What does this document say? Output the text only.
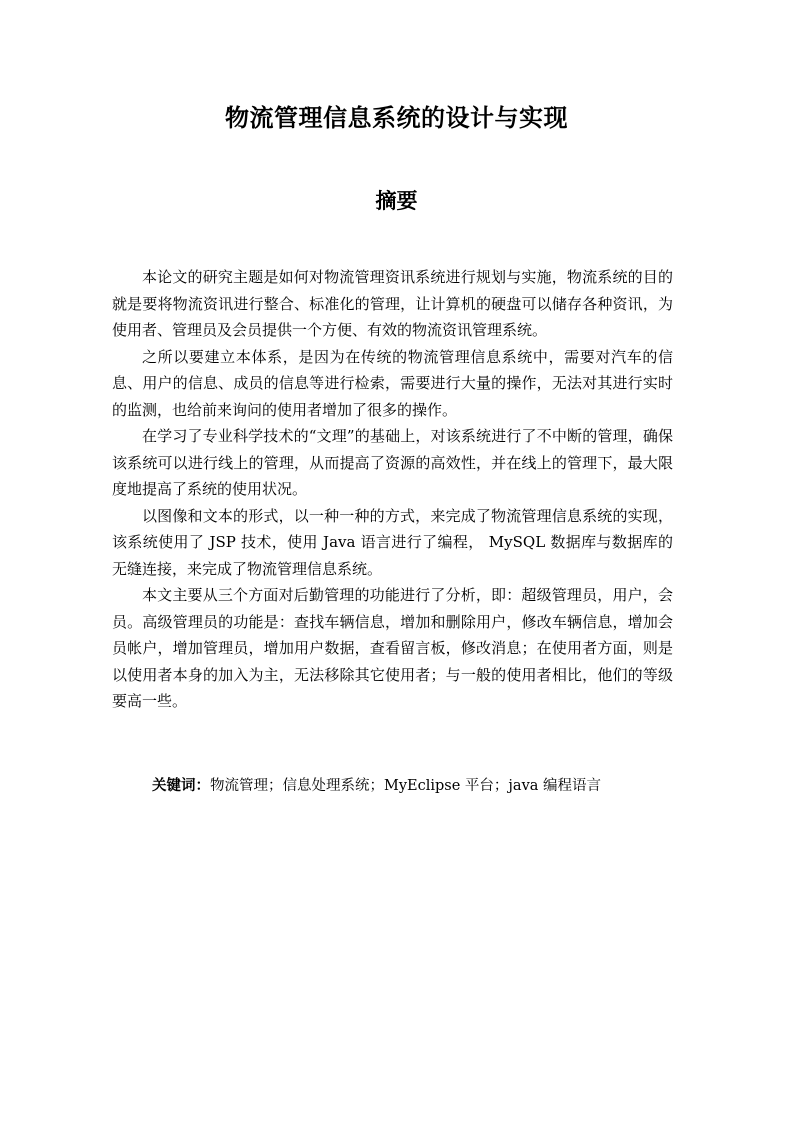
物流管理信息系统的设计与实现
摘要

本论文的研究主题是如何对物流管理资讯系统进行规划与实施，物流系统的目的就是要将物流资讯进行整合、标准化的管理，让计算机的硬盘可以储存各种资讯，为使用者、管理员及会员提供一个方便、有效的物流资讯管理系统。

之所以要建立本体系，是因为在传统的物流管理信息系统中，需要对汽车的信息、用户的信息、成员的信息等进行检索，需要进行大量的操作，无法对其进行实时的监测，也给前来询问的使用者增加了很多的操作。

在学习了专业科学技术的“文理”的基础上，对该系统进行了不中断的管理，确保该系统可以进行线上的管理，从而提高了资源的高效性，并在线上的管理下，最大限度地提高了系统的使用状况。

以图像和文本的形式，以一种一种的方式，来完成了物流管理信息系统的实现，该系统使用了 JSP 技术，使用 Java 语言进行了编程， MySQL 数据库与数据库的无缝连接，来完成了物流管理信息系统。

本文主要从三个方面对后勤管理的功能进行了分析，即：超级管理员，用户，会员。高级管理员的功能是：查找车辆信息，增加和删除用户，修改车辆信息，增加会员帐户，增加管理员，增加用户数据，查看留言板，修改消息；在使用者方面，则是以使用者本身的加入为主，无法移除其它使用者；与一般的使用者相比，他们的等级要高一些。

关键词：物流管理；信息处理系统；MyEclipse 平台；java 编程语言
